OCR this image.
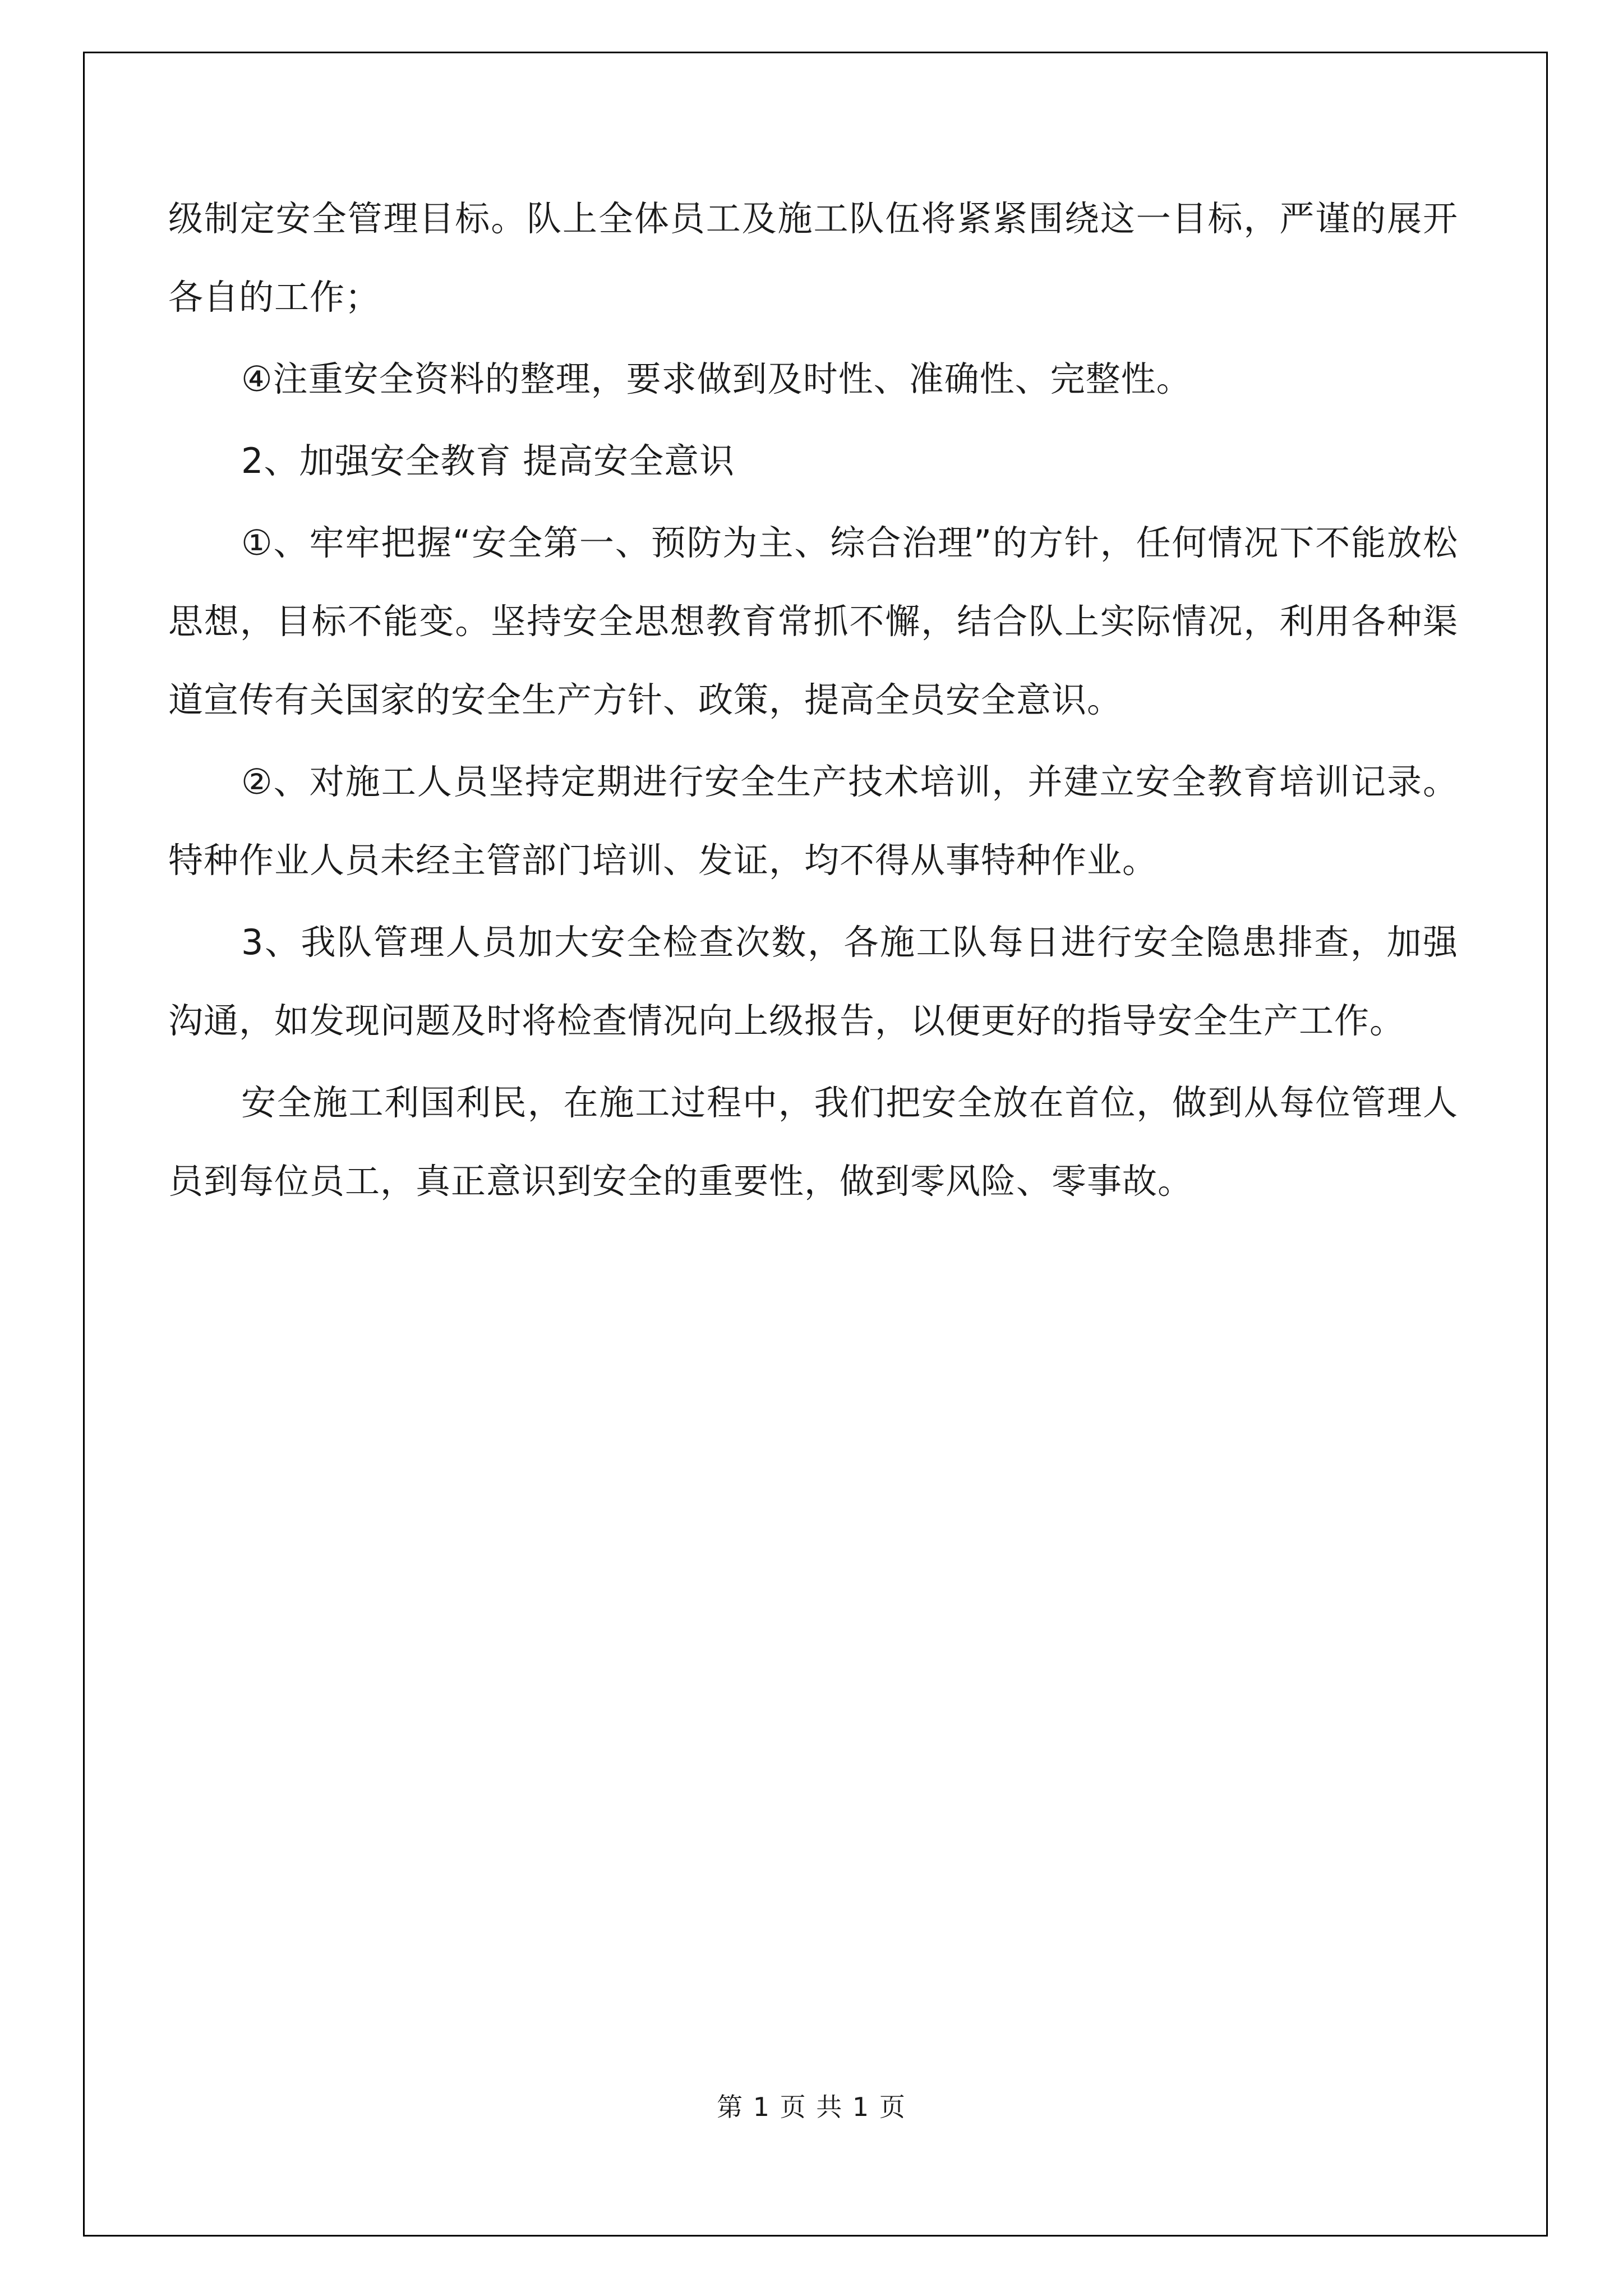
级制定安全管理目标。队上全体员工及施工队伍将紧紧围绕这一目标，严谨的展开各自的工作；

④注重安全资料的整理，要求做到及时性、准确性、完整性。

2、加强安全教育 提高安全意识

①、牢牢把握“安全第一、预防为主、综合治理”的方针，任何情况下不能放松思想，目标不能变。坚持安全思想教育常抓不懈，结合队上实际情况，利用各种渠道宣传有关国家的安全生产方针、政策，提高全员安全意识。

②、对施工人员坚持定期进行安全生产技术培训，并建立安全教育培训记录。特种作业人员未经主管部门培训、发证，均不得从事特种作业。

3、我队管理人员加大安全检查次数，各施工队每日进行安全隐患排查，加强沟通，如发现问题及时将检查情况向上级报告，以便更好的指导安全生产工作。

安全施工利国利民，在施工过程中，我们把安全放在首位，做到从每位管理人员到每位员工，真正意识到安全的重要性，做到零风险、零事故。

第 1 页 共 1 页
